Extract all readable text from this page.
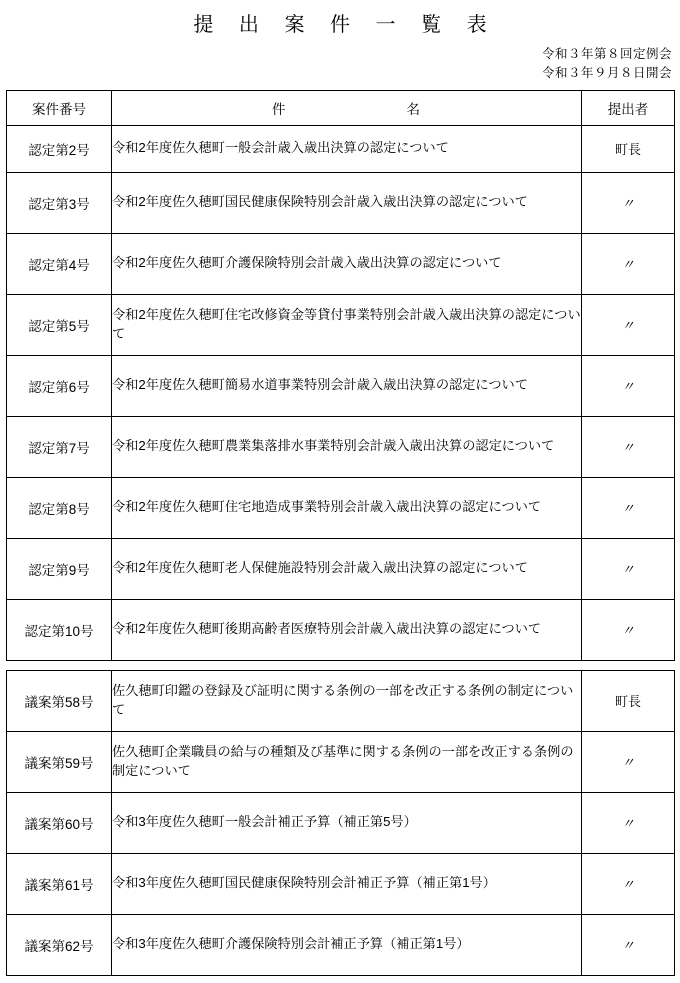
提 出 案 件 一 覧 表
令和３年第８回定例会
令和３年９月８日開会
案件番号	件 名	提出者
認定第2号	令和2年度佐久穂町一般会計歳入歳出決算の認定について	町長
認定第3号	令和2年度佐久穂町国民健康保険特別会計歳入歳出決算の認定について	〃
認定第4号	令和2年度佐久穂町介護保険特別会計歳入歳出決算の認定について	〃
認定第5号	令和2年度佐久穂町住宅改修資金等貸付事業特別会計歳入歳出決算の認定について	〃
認定第6号	令和2年度佐久穂町簡易水道事業特別会計歳入歳出決算の認定について	〃
認定第7号	令和2年度佐久穂町農業集落排水事業特別会計歳入歳出決算の認定について	〃
認定第8号	令和2年度佐久穂町住宅地造成事業特別会計歳入歳出決算の認定について	〃
認定第9号	令和2年度佐久穂町老人保健施設特別会計歳入歳出決算の認定について	〃
認定第10号	令和2年度佐久穂町後期高齢者医療特別会計歳入歳出決算の認定について	〃
議案第58号	佐久穂町印鑑の登録及び証明に関する条例の一部を改正する条例の制定について	町長
議案第59号	佐久穂町企業職員の給与の種類及び基準に関する条例の一部を改正する条例の制定について	〃
議案第60号	令和3年度佐久穂町一般会計補正予算（補正第5号）	〃
議案第61号	令和3年度佐久穂町国民健康保険特別会計補正予算（補正第1号）	〃
議案第62号	令和3年度佐久穂町介護保険特別会計補正予算（補正第1号）	〃
